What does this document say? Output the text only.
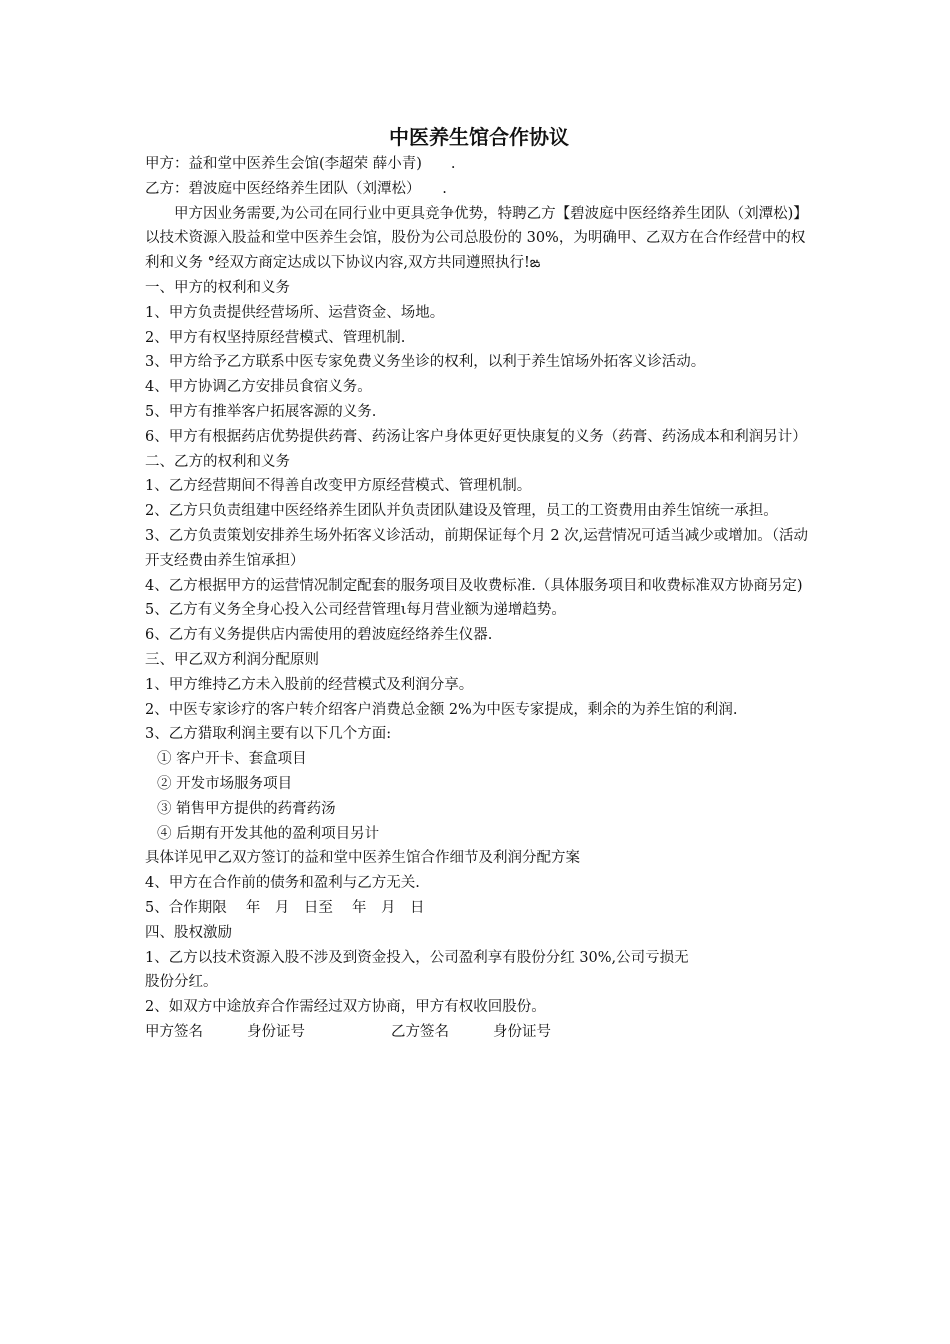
中医养生馆合作协议
甲方：益和堂中医养生会馆(李超荣 薛小青)　　.
乙方：碧波庭中医经络养生团队（刘潭松）　　.
甲方因业务需要,为公司在同行业中更具竞争优势，特聘乙方【碧波庭中医经络养生团队（刘潭松)】以技术资源入股益和堂中医养生会馆，股份为公司总股份的 30%，为明确甲、乙双方在合作经营中的权利和义务 °经双方商定达成以下协议内容,双方共同遵照执行!ఙ
一、甲方的权利和义务
1、甲方负责提供经营场所、运营资金、场地。
2、甲方有权坚持原经营模式、管理机制.
3、甲方给予乙方联系中医专家免费义务坐诊的权利，以利于养生馆场外拓客义诊活动。
4、甲方协调乙方安排员食宿义务。
5、甲方有推举客户拓展客源的义务.
6、甲方有根据药店优势提供药膏、药汤让客户身体更好更快康复的义务（药膏、药汤成本和利润另计）
二、乙方的权利和义务
1、乙方经营期间不得善自改变甲方原经营模式、管理机制。
2、乙方只负责组建中医经络养生团队并负责团队建设及管理，员工的工资费用由养生馆统一承担。
3、乙方负责策划安排养生场外拓客义诊活动，前期保证每个月 2 次,运营情况可适当减少或增加。（活动开支经费由养生馆承担）
4、乙方根据甲方的运营情况制定配套的服务项目及收费标准.（具体服务项目和收费标准双方协商另定)
5、乙方有义务全身心投入公司经营管理ι每月营业额为递增趋势。
6、乙方有义务提供店内需使用的碧波庭经络养生仪器.
三、甲乙双方利润分配原则
1、甲方维持乙方未入股前的经营模式及利润分享。
2、中医专家诊疗的客户转介绍客户消费总金额 2%为中医专家提成，剩余的为养生馆的利润.
3、乙方猎取利润主要有以下几个方面:
① 客户开卡、套盒项目
② 开发市场服务项目
③ 销售甲方提供的药膏药汤
④ 后期有开发其他的盈利项目另计
具体详见甲乙双方签订的益和堂中医养生馆合作细节及利润分配方案
4、甲方在合作前的债务和盈利与乙方无关.
5、合作期限　 年　月　日至　 年　月　日
四、股权激励
1、乙方以技术资源入股不涉及到资金投入，公司盈利享有股份分红 30%,公司亏损无
股份分红。
2、如双方中途放弃合作需经过双方协商，甲方有权收回股份。
甲方签名	身份证号	乙方签名	身份证号
